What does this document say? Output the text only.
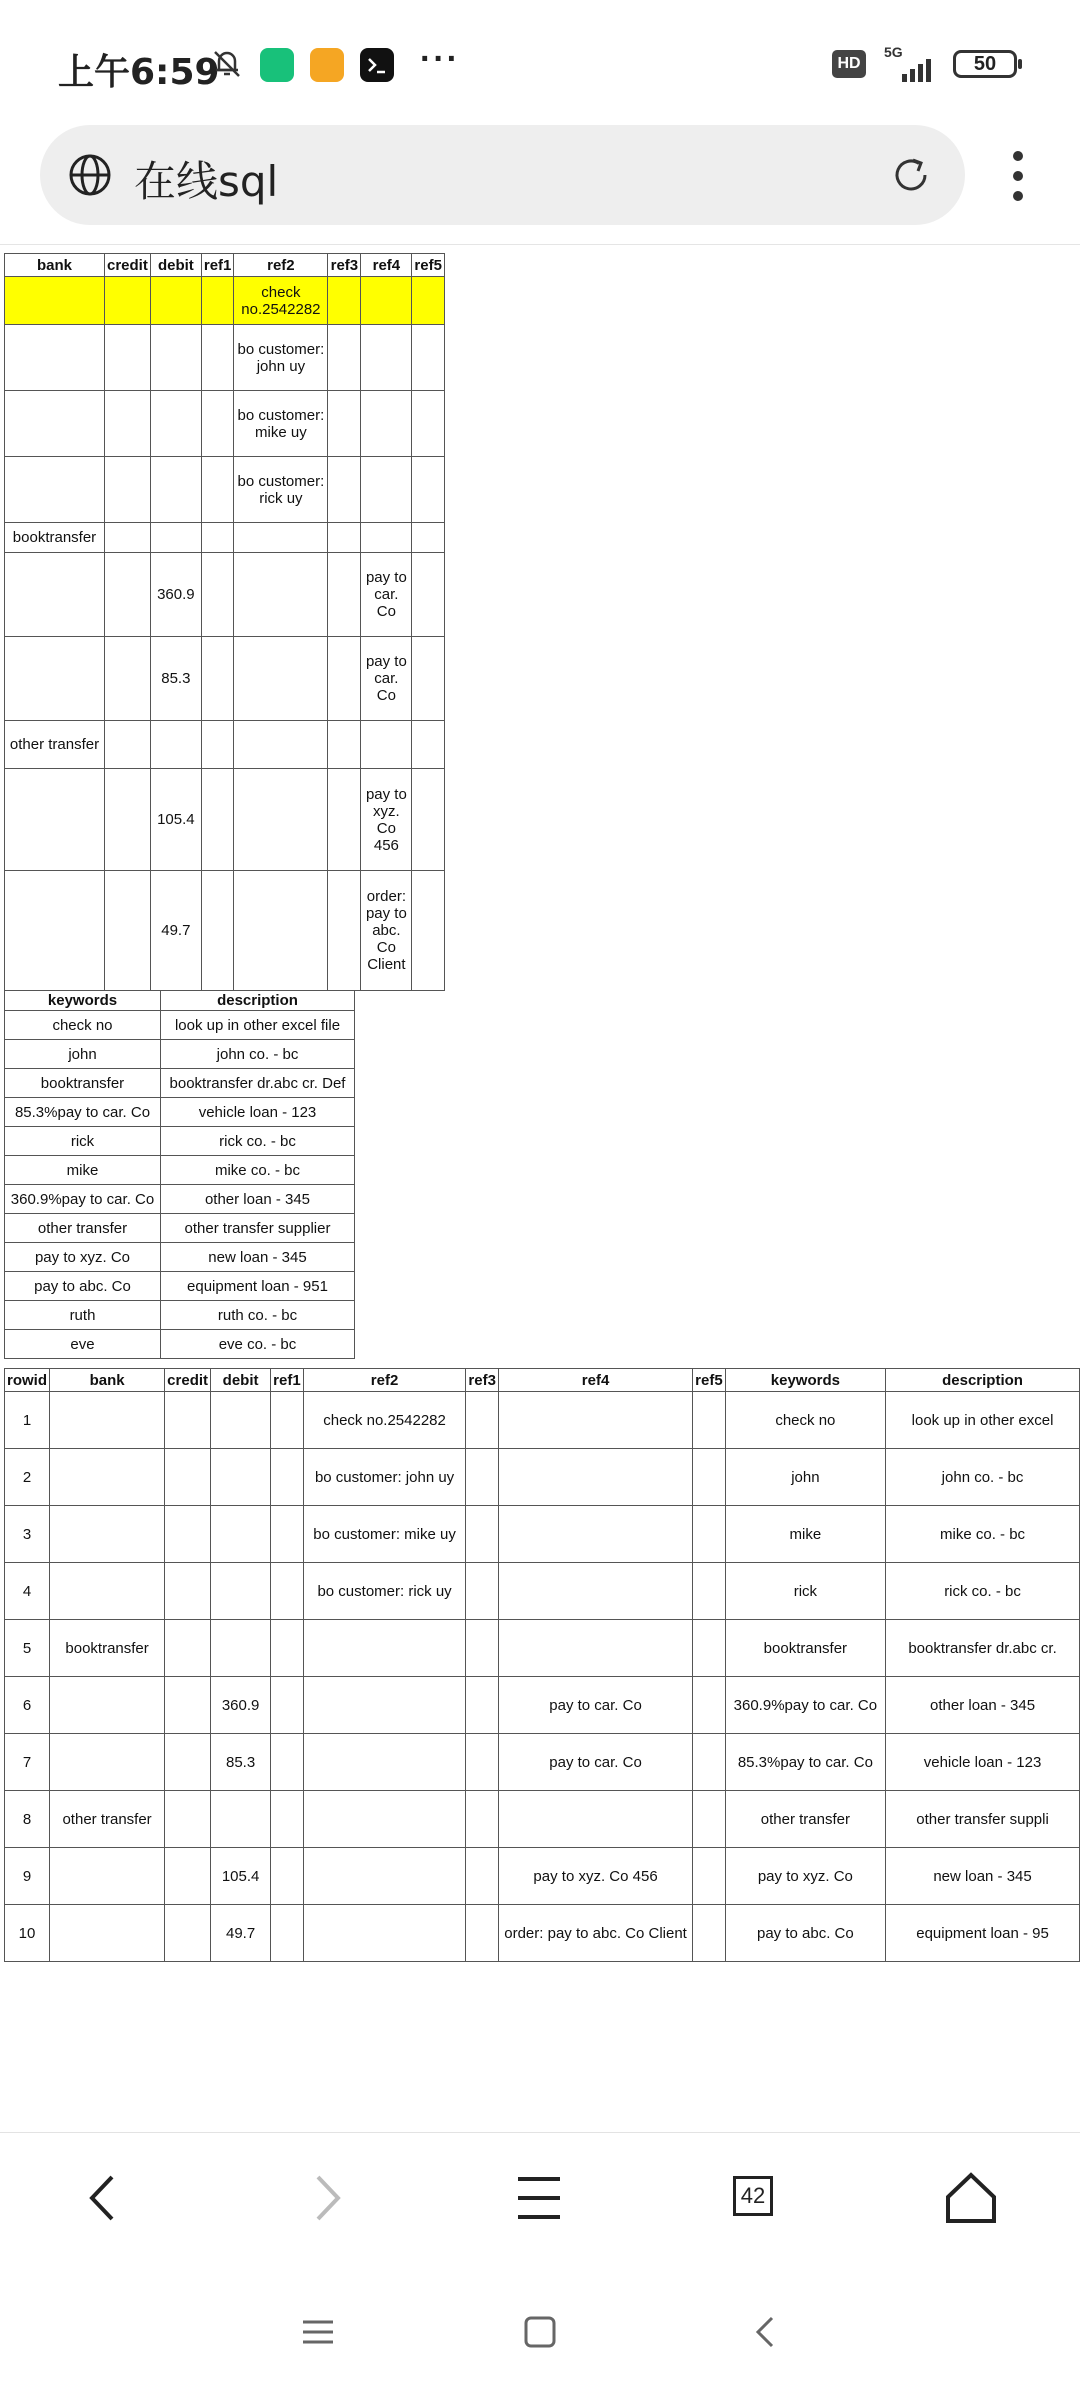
上午6:59	···	HD
5G
50
在线sql
bank	credit	debit	ref1	ref2	ref3	ref4	ref5
				check no.2542282			
				bo customer: john uy			
				bo customer: mike uy			
				bo customer: rick uy			
booktransfer							
		360.9				pay to car. Co	
		85.3				pay to car. Co	
other transfer							
		105.4				pay to xyz. Co 456	
		49.7				order: pay to abc. Co Client	
keywords	description
check no	look up in other excel file
john	john co. - bc
booktransfer	booktransfer dr.abc cr. Def
85.3%pay to car. Co	vehicle loan - 123
rick	rick co. - bc
mike	mike co. - bc
360.9%pay to car. Co	other loan - 345
other transfer	other transfer supplier
pay to xyz. Co	new loan - 345
pay to abc. Co	equipment loan - 951
ruth	ruth co. - bc
eve	eve co. - bc
rowid	bank	credit	debit	ref1	ref2	ref3	ref4	ref5	keywords	description
1					check no.2542282				check no	look up in other excel
2					bo customer: john uy				john	john co. - bc
3					bo customer: mike uy				mike	mike co. - bc
4					bo customer: rick uy				rick	rick co. - bc
5	booktransfer								booktransfer	booktransfer dr.abc cr.
6			360.9				pay to car. Co		360.9%pay to car. Co	other loan - 345
7			85.3				pay to car. Co		85.3%pay to car. Co	vehicle loan - 123
8	other transfer								other transfer	other transfer suppli
9			105.4				pay to xyz. Co 456		pay to xyz. Co	new loan - 345
10			49.7				order: pay to abc. Co Client		pay to abc. Co	equipment loan - 95
42
